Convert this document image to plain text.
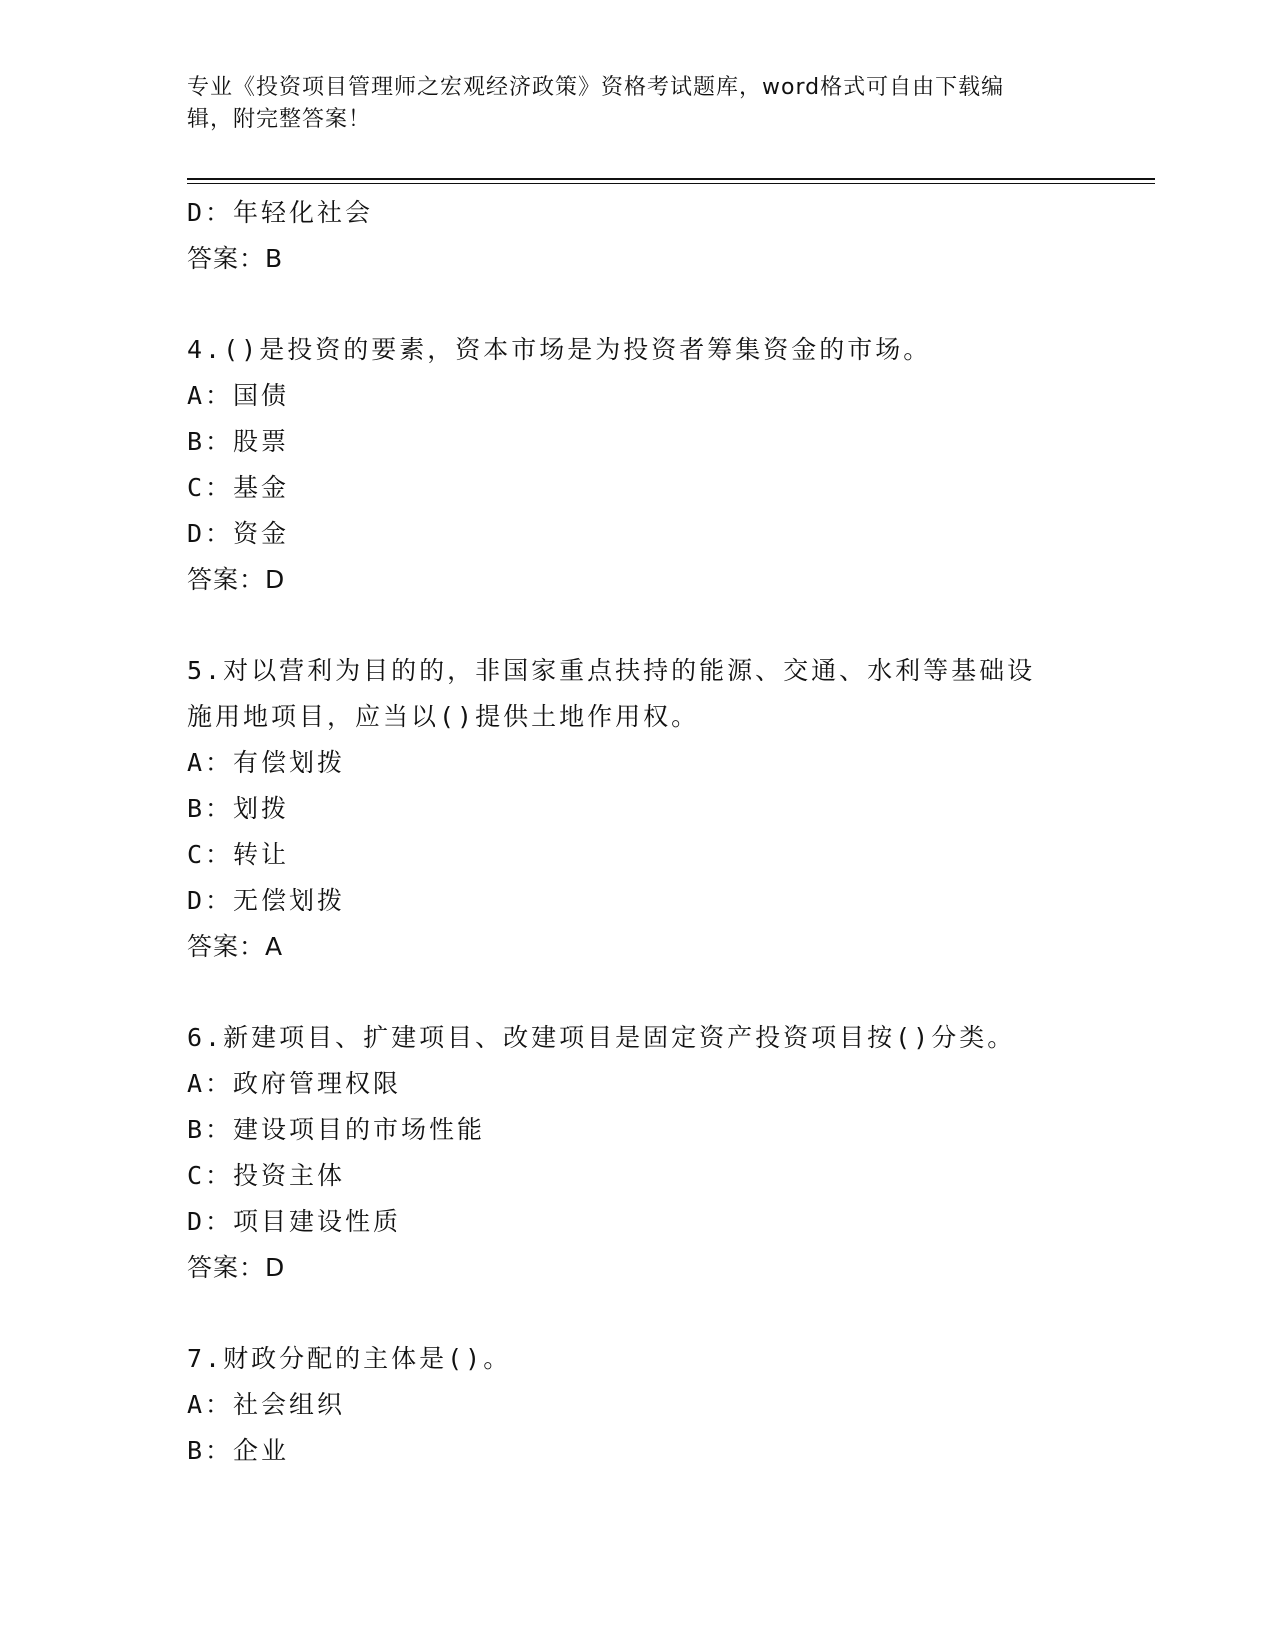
专业《投资项目管理师之宏观经济政策》资格考试题库，word格式可自由下载编
辑，附完整答案！
D：年轻化社会
答案：B
4.()是投资的要素，资本市场是为投资者筹集资金的市场。
A：国债
B：股票
C：基金
D：资金
答案：D
5.对以营利为目的的，非国家重点扶持的能源、交通、水利等基础设
施用地项目，应当以()提供土地作用权。
A：有偿划拨
B：划拨
C：转让
D：无偿划拨
答案：A
6.新建项目、扩建项目、改建项目是固定资产投资项目按()分类。
A：政府管理权限
B：建设项目的市场性能
C：投资主体
D：项目建设性质
答案：D
7.财政分配的主体是()。
A：社会组织
B：企业
